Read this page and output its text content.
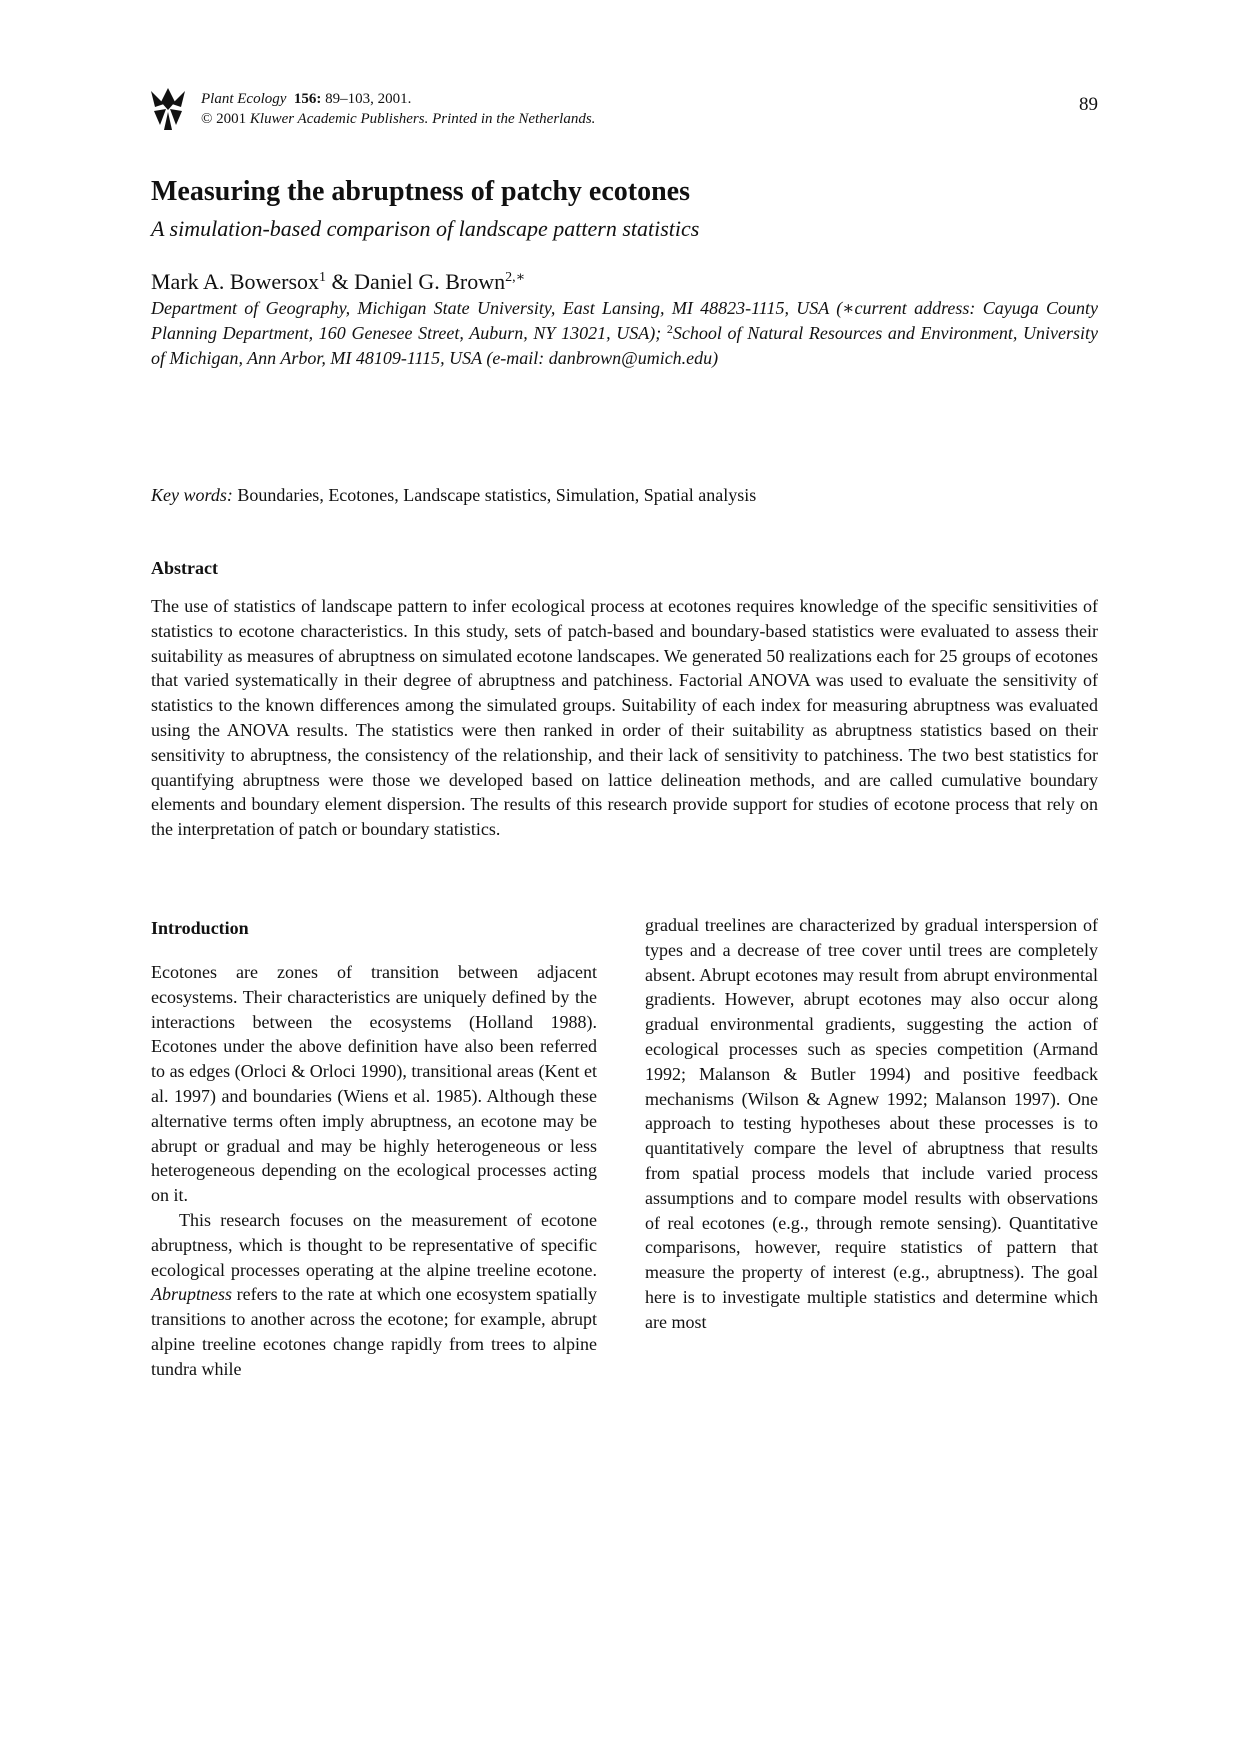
Plant Ecology 156: 89–103, 2001.
© 2001 Kluwer Academic Publishers. Printed in the Netherlands.
89
Measuring the abruptness of patchy ecotones
A simulation-based comparison of landscape pattern statistics
Mark A. Bowersox$^1$ & Daniel G. Brown$^{2,∗}$
Department of Geography, Michigan State University, East Lansing, MI 48823-1115, USA (∗current address: Cayuga County Planning Department, 160 Genesee Street, Auburn, NY 13021, USA); $^2$School of Natural Resources and Environment, University of Michigan, Ann Arbor, MI 48109-1115, USA (e-mail: danbrown@umich.edu)
Key words: Boundaries, Ecotones, Landscape statistics, Simulation, Spatial analysis
Abstract

The use of statistics of landscape pattern to infer ecological process at ecotones requires knowledge of the specific sensitivities of statistics to ecotone characteristics. In this study, sets of patch-based and boundary-based statistics were evaluated to assess their suitability as measures of abruptness on simulated ecotone landscapes. We generated 50 realizations each for 25 groups of ecotones that varied systematically in their degree of abruptness and patchiness. Factorial ANOVA was used to evaluate the sensitivity of statistics to the known differences among the simulated groups. Suitability of each index for measuring abruptness was evaluated using the ANOVA results. The statistics were then ranked in order of their suitability as abruptness statistics based on their sensitivity to abruptness, the consistency of the relationship, and their lack of sensitivity to patchiness. The two best statistics for quantifying abruptness were those we developed based on lattice delineation methods, and are called cumulative boundary elements and boundary element dispersion. The results of this research provide support for studies of ecotone process that rely on the interpretation of patch or boundary statistics.

Introduction

Ecotones are zones of transition between adjacent ecosystems. Their characteristics are uniquely defined by the interactions between the ecosystems (Holland 1988). Ecotones under the above definition have also been referred to as edges (Orloci & Orloci 1990), transitional areas (Kent et al. 1997) and boundaries (Wiens et al. 1985). Although these alternative terms often imply abruptness, an ecotone may be abrupt or gradual and may be highly heterogeneous or less heterogeneous depending on the ecological processes acting on it.

This research focuses on the measurement of ecotone abruptness, which is thought to be representative of specific ecological processes operating at the alpine treeline ecotone. Abruptness refers to the rate at which one ecosystem spatially transitions to another across the ecotone; for example, abrupt alpine treeline ecotones change rapidly from trees to alpine tundra while

gradual treelines are characterized by gradual interspersion of types and a decrease of tree cover until trees are completely absent. Abrupt ecotones may result from abrupt environmental gradients. However, abrupt ecotones may also occur along gradual environmental gradients, suggesting the action of ecological processes such as species competition (Armand 1992; Malanson & Butler 1994) and positive feedback mechanisms (Wilson & Agnew 1992; Malanson 1997). One approach to testing hypotheses about these processes is to quantitatively compare the level of abruptness that results from spatial process models that include varied process assumptions and to compare model results with observations of real ecotones (e.g., through remote sensing). Quantitative comparisons, however, require statistics of pattern that measure the property of interest (e.g., abruptness). The goal here is to investigate multiple statistics and determine which are most
